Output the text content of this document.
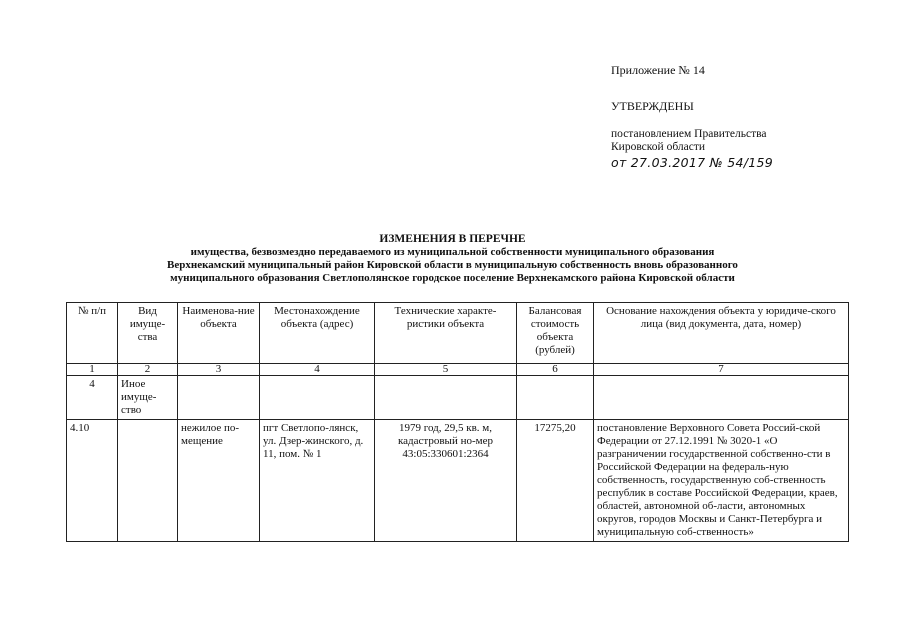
Приложение № 14
УТВЕРЖДЕНЫ
постановлением Правительства
Кировской области
от 27.03.2017 № 54/159
ИЗМЕНЕНИЯ В ПЕРЕЧНЕ
имущества, безвозмездно передаваемого из муниципальной собственности муниципального образования
Верхнекамский муниципальный район Кировской области в муниципальную собственность вновь образованного
муниципального образования Светлополянское городское поселение Верхнекамского района Кировской области
№ п/п	Вид имуще-ства	Наименова-ние объекта	Местонахождение объекта (адрес)	Технические характе-ристики объекта	Балансовая стоимость объекта (рублей)	Основание нахождения объекта у юридиче-ского лица (вид документа, дата, номер)
1	2	3	4	5	6	7
4	Иное имуще-ство					
4.10		нежилое по-мещение	пгт Светлопо-лянск, ул. Дзер-жинского, д. 11, пом. № 1	1979 год, 29,5 кв. м, кадастровый но-мер 43:05:330601:2364	17275,20	постановление Верховного Совета Россий-ской Федерации от 27.12.1991 № 3020-1 «О разграничении государственной собственно-сти в Российской Федерации на федераль-ную собственность, государственную соб-ственность республик в составе Российской Федерации, краев, областей, автономной об-ласти, автономных округов, городов Москвы и Санкт-Петербурга и муниципальную соб-ственность»
